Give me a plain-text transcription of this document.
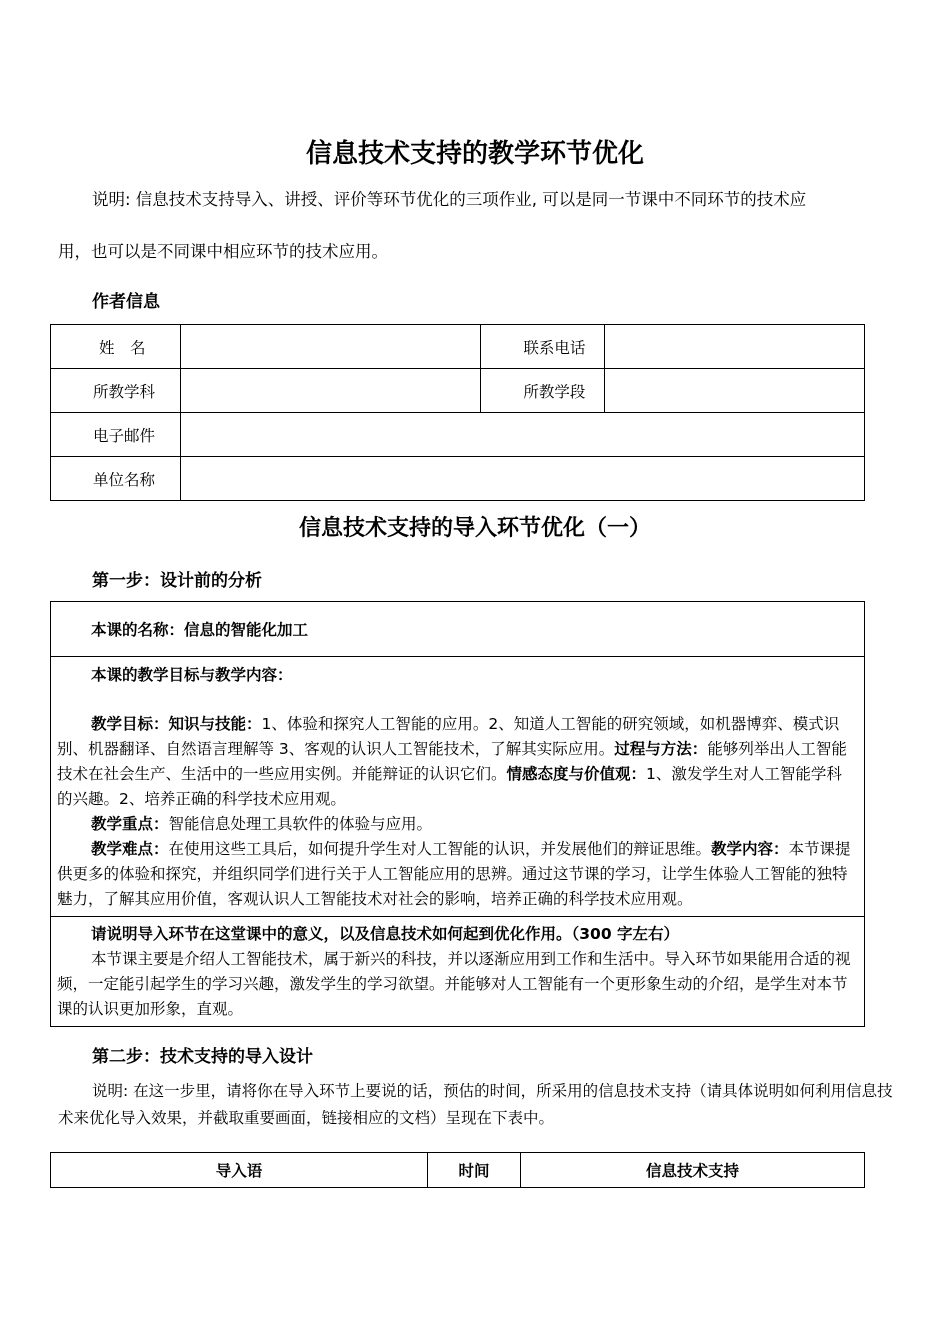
信息技术支持的教学环节优化

说明: 信息技术支持导入、讲授、评价等环节优化的三项作业, 可以是同一节课中不同环节的技术应

用，也可以是不同课中相应环节的技术应用。

作者信息
姓　名		联系电话	
所教学科		所教学段	
电子邮件			
单位名称			
信息技术支持的导入环节优化（一）
第一步：设计前的分析
本课的名称：信息的智能化加工
本课的教学目标与教学内容：

教学目标：知识与技能：1、体验和探究人工智能的应用。2、知道人工智能的研究领域，如机器博弈、模式识别、机器翻译、自然语言理解等 3、客观的认识人工智能技术，了解其实际应用。过程与方法：能够列举出人工智能技术在社会生产、生活中的一些应用实例。并能辩证的认识它们。情感态度与价值观：1、激发学生对人工智能学科的兴趣。2、培养正确的科学技术应用观。

教学重点：智能信息处理工具软件的体验与应用。

教学难点：在使用这些工具后，如何提升学生对人工智能的认识，并发展他们的辩证思维。教学内容：本节课提供更多的体验和探究，并组织同学们进行关于人工智能应用的思辨。通过这节课的学习，让学生体验人工智能的独特魅力，了解其应用价值，客观认识人工智能技术对社会的影响，培养正确的科学技术应用观。

请说明导入环节在这堂课中的意义，以及信息技术如何起到优化作用。（300 字左右）

本节课主要是介绍人工智能技术，属于新兴的科技，并以逐渐应用到工作和生活中。导入环节如果能用合适的视频，一定能引起学生的学习兴趣，激发学生的学习欲望。并能够对人工智能有一个更形象生动的介绍，是学生对本节课的认识更加形象，直观。

第二步：技术支持的导入设计
说明: 在这一步里，请将你在导入环节上要说的话，预估的时间，所采用的信息技术支持（请具体说明如何利用信息技术来优化导入效果，并截取重要画面，链接相应的文档）呈现在下表中。
导入语	时间	信息技术支持
